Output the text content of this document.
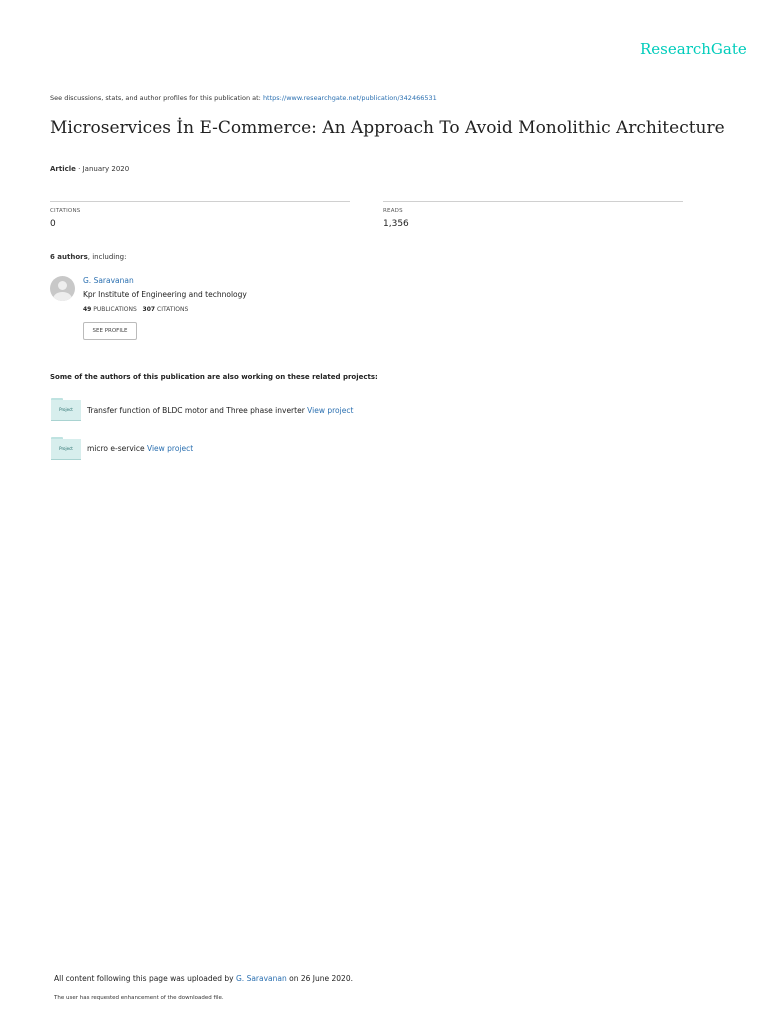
ResearchGate
See discussions, stats, and author profiles for this publication at: https://www.researchgate.net/publication/342466531
Microservices İn E-Commerce: An Approach To Avoid Monolithic Architecture
Article · January 2020
CITATIONS
0
READS
1,356
6 authors, including:
G. Saravanan
Kpr Institute of Engineering and technology
49 PUBLICATIONS 307 CITATIONS
SEE PROFILE
Some of the authors of this publication are also working on these related projects:
Project	Transfer function of BLDC motor and Three phase inverter View project
Project	micro e-service View project
All content following this page was uploaded by G. Saravanan on 26 June 2020.
The user has requested enhancement of the downloaded file.
